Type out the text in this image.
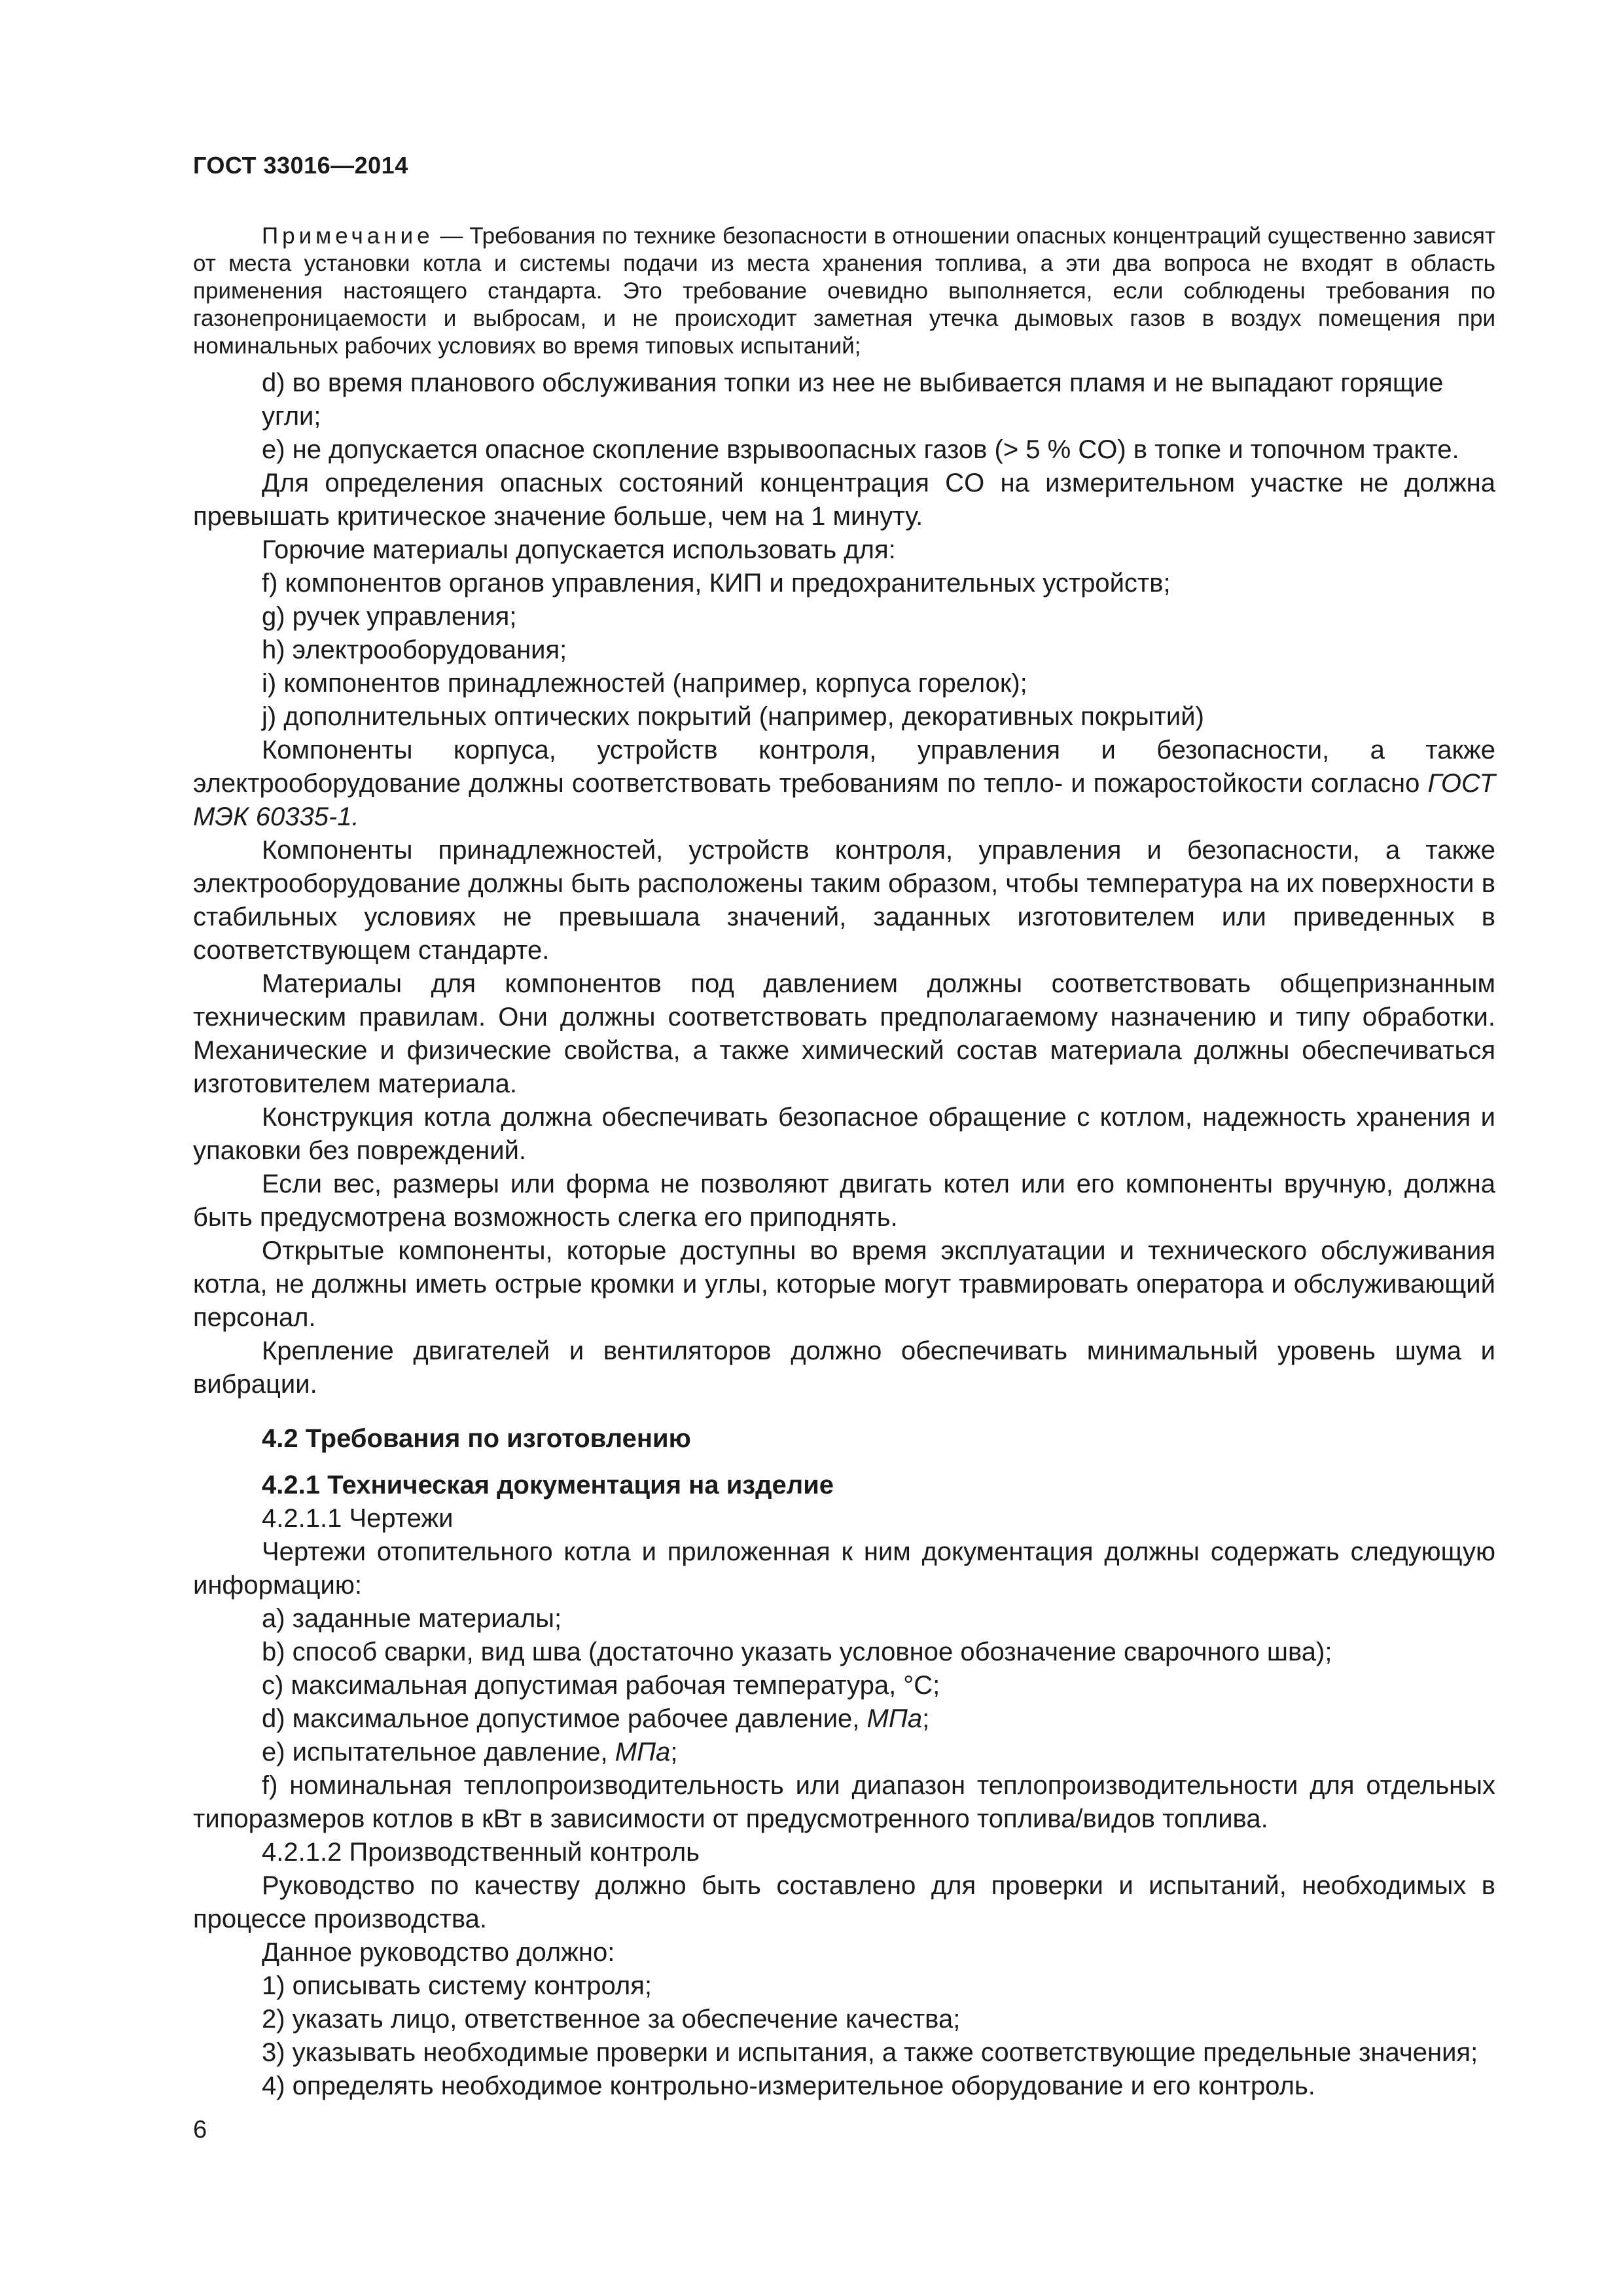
ГОСТ 33016—2014

Примечание — Требования по технике безопасности в отношении опасных концентраций существенно зависят от места установки котла и системы подачи из места хранения топлива, а эти два вопроса не входят в область применения настоящего стандарта. Это требование очевидно выполняется, если соблюдены требования по газонепроницаемости и выбросам, и не происходит заметная утечка дымовых газов в воздух помещения при номинальных рабочих условиях во время типовых испытаний;

d) во время планового обслуживания топки из нее не выбивается пламя и не выпадают горящие угли;

e) не допускается опасное скопление взрывоопасных газов (> 5 % CO) в топке и топочном тракте.

Для определения опасных состояний концентрация CO на измерительном участке не должна превышать критическое значение больше, чем на 1 минуту.

Горючие материалы допускается использовать для:

f) компонентов органов управления, КИП и предохранительных устройств;

g) ручек управления;

h) электрооборудования;

i) компонентов принадлежностей (например, корпуса горелок);

j) дополнительных оптических покрытий (например, декоративных покрытий)

Компоненты корпуса, устройств контроля, управления и безопасности, а также электрооборудование должны соответствовать требованиям по тепло- и пожаростойкости согласно ГОСТ МЭК 60335-1.

Компоненты принадлежностей, устройств контроля, управления и безопасности, а также электрооборудование должны быть расположены таким образом, чтобы температура на их поверхности в стабильных условиях не превышала значений, заданных изготовителем или приведенных в соответствующем стандарте.

Материалы для компонентов под давлением должны соответствовать общепризнанным техническим правилам. Они должны соответствовать предполагаемому назначению и типу обработки. Механические и физические свойства, а также химический состав материала должны обеспечиваться изготовителем материала.

Конструкция котла должна обеспечивать безопасное обращение с котлом, надежность хранения и упаковки без повреждений.

Если вес, размеры или форма не позволяют двигать котел или его компоненты вручную, должна быть предусмотрена возможность слегка его приподнять.

Открытые компоненты, которые доступны во время эксплуатации и технического обслуживания котла, не должны иметь острые кромки и углы, которые могут травмировать оператора и обслуживающий персонал.

Крепление двигателей и вентиляторов должно обеспечивать минимальный уровень шума и вибрации.

4.2 Требования по изготовлению

4.2.1 Техническая документация на изделие

4.2.1.1 Чертежи

Чертежи отопительного котла и приложенная к ним документация должны содержать следующую информацию:

a) заданные материалы;

b) способ сварки, вид шва (достаточно указать условное обозначение сварочного шва);

c) максимальная допустимая рабочая температура, °C;

d) максимальное допустимое рабочее давление, МПа;

e) испытательное давление, МПа;

f) номинальная теплопроизводительность или диапазон теплопроизводительности для отдельных типоразмеров котлов в кВт в зависимости от предусмотренного топлива/видов топлива.

4.2.1.2 Производственный контроль

Руководство по качеству должно быть составлено для проверки и испытаний, необходимых в процессе производства.

Данное руководство должно:

1) описывать систему контроля;

2) указать лицо, ответственное за обеспечение качества;

3) указывать необходимые проверки и испытания, а также соответствующие предельные значения;

4) определять необходимое контрольно-измерительное оборудование и его контроль.

6
